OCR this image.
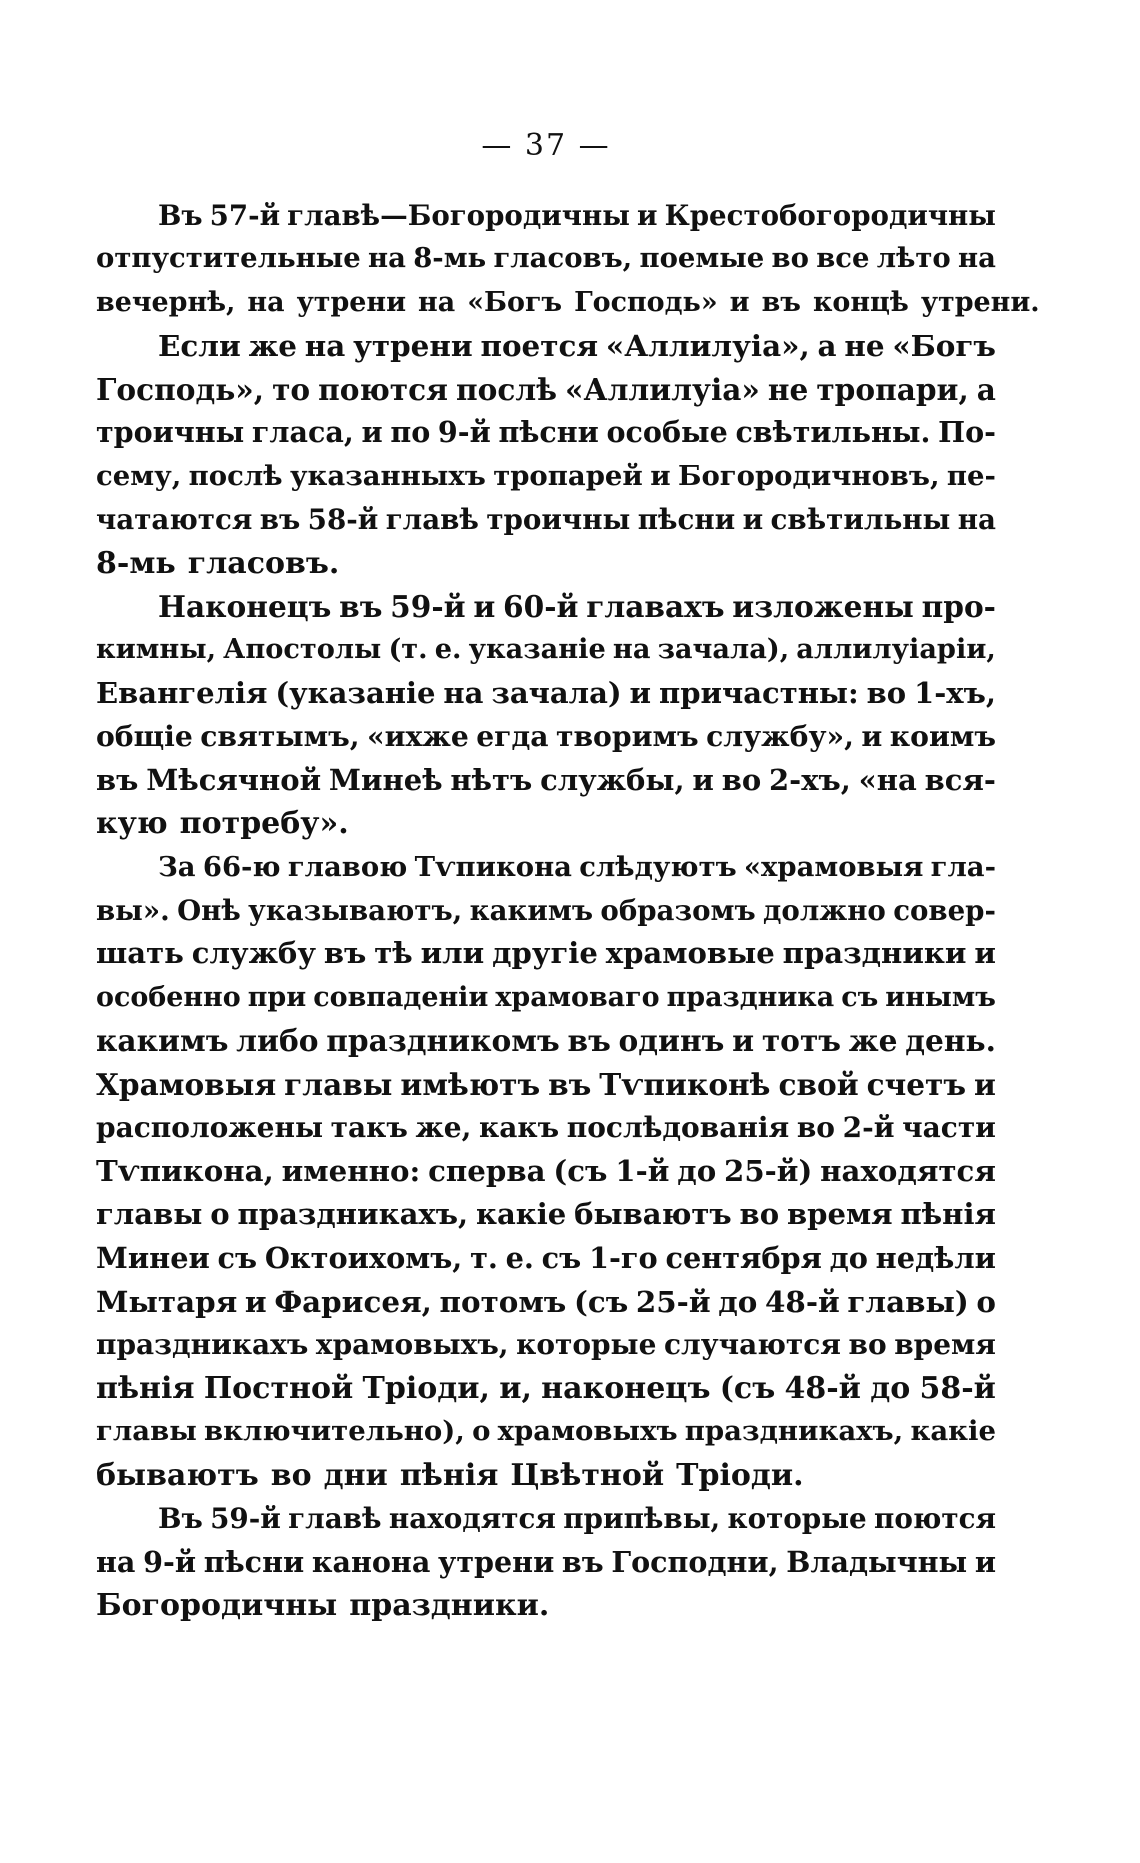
— 37 —
Въ 57-й главѣ—Богородичны и Крестобогородичны
отпустительные на 8-мь гласовъ, поемые во все лѣто на
вечернѣ, на утрени на «Богъ Господь» и въ концѣ утрени.
Если же на утрени поется «Аллилуіа», а не «Богъ
Господь», то поются послѣ «Аллилуіа» не тропари, а
троичны гласа, и по 9-й пѣсни особые свѣтильны. По-
сему, послѣ указанныхъ тропарей и Богородичновъ, пе-
чатаются въ 58-й главѣ троичны пѣсни и свѣтильны на
8-мь гласовъ.
Наконецъ въ 59-й и 60-й главахъ изложены про-
кимны, Апостолы (т. е. указаніе на зачала), аллилуіаріи,
Евангелія (указаніе на зачала) и причастны: во 1-хъ,
общіе святымъ, «ихже егда творимъ службу», и коимъ
въ Мѣсячной Минеѣ нѣтъ службы, и во 2-хъ, «на вся-
кую потребу».
За 66-ю главою Тѵпикона слѣдуютъ «храмовыя гла-
вы». Онѣ указываютъ, какимъ образомъ должно совер-
шать службу въ тѣ или другіе храмовые праздники и
особенно при совпаденіи храмоваго праздника съ инымъ
какимъ либо праздникомъ въ одинъ и тотъ же день.
Храмовыя главы имѣютъ въ Тѵпиконѣ свой счетъ и
расположены такъ же, какъ послѣдованія во 2-й части
Тѵпикона, именно: сперва (съ 1-й до 25-й) находятся
главы о праздникахъ, какіе бываютъ во время пѣнія
Минеи съ Октоихомъ, т. е. съ 1-го сентября до недѣли
Мытаря и Фарисея, потомъ (съ 25-й до 48-й главы) о
праздникахъ храмовыхъ, которые случаются во время
пѣнія Постной Тріоди, и, наконецъ (съ 48-й до 58-й
главы включительно), о храмовыхъ праздникахъ, какіе
бываютъ во дни пѣнія Цвѣтной Тріоди.
Въ 59-й главѣ находятся припѣвы, которые поются
на 9-й пѣсни канона утрени въ Господни, Владычны и
Богородичны праздники.
